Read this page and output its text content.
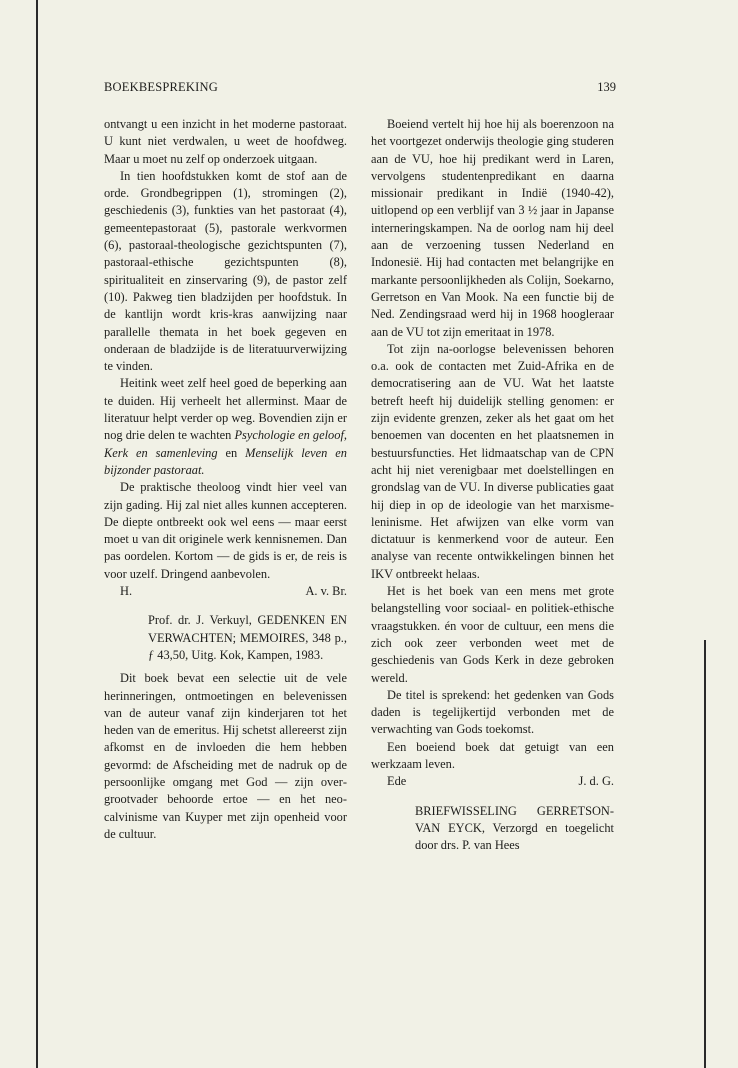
BOEKBESPREKING	139

ontvangt u een inzicht in het moderne pastoraat. U kunt niet verdwalen, u weet de hoofdweg. Maar u moet nu zelf op onderzoek uitgaan.

In tien hoofdstukken komt de stof aan de orde. Grondbegrippen (1), stromingen (2), geschiedenis (3), funkties van het pastoraat (4), gemeentepastoraat (5), pastorale werkvormen (6), pastoraal-theologische gezichtspunten (7), pastoraal-ethische gezichtspunten (8), spiritualiteit en zinservaring (9), de pastor zelf (10). Pakweg tien bladzijden per hoofdstuk. In de kantlijn wordt kris-kras aanwijzing naar parallelle themata in het boek gegeven en onderaan de bladzijde is de literatuurverwijzing te vinden.

Heitink weet zelf heel goed de beperking aan te duiden. Hij verheelt het allerminst. Maar de literatuur helpt verder op weg. Bovendien zijn er nog drie delen te wachten Psychologie en geloof, Kerk en samenleving en Menselijk leven en bijzonder pastoraat.

De praktische theoloog vindt hier veel van zijn gading. Hij zal niet alles kunnen accepteren. De diepte ontbreekt ook wel eens — maar eerst moet u van dit originele werk kennisnemen. Dan pas oordelen. Kortom — de gids is er, de reis is voor uzelf. Dringend aanbevolen.

H.	A. v. Br.

Prof. dr. J. Verkuyl, GEDENKEN EN VERWACHTEN; MEMOIRES, 348 p., ƒ 43,50, Uitg. Kok, Kampen, 1983.

Dit boek bevat een selectie uit de vele herinneringen, ontmoetingen en belevenissen van de auteur vanaf zijn kinderjaren tot het heden van de emeritus. Hij schetst allereerst zijn afkomst en de invloeden die hem hebben gevormd: de Afscheiding met de nadruk op de persoonlijke omgang met God — zijn overgrootvader behoorde ertoe — en het neo-calvinisme van Kuyper met zijn openheid voor de cultuur.

Boeiend vertelt hij hoe hij als boerenzoon na het voortgezet onderwijs theologie ging studeren aan de VU, hoe hij predikant werd in Laren, vervolgens studentenpredikant en daarna missionair predikant in Indië (1940-42), uitlopend op een verblijf van 3 ½ jaar in Japanse interneringskampen. Na de oorlog nam hij deel aan de verzoening tussen Nederland en Indonesië. Hij had contacten met belangrijke en markante persoonlijkheden als Colijn, Soekarno, Gerretson en Van Mook. Na een functie bij de Ned. Zendingsraad werd hij in 1968 hoogleraar aan de VU tot zijn emeritaat in 1978.

Tot zijn na-oorlogse belevenissen behoren o.a. ook de contacten met Zuid-Afrika en de democratisering aan de VU. Wat het laatste betreft heeft hij duidelijk stelling genomen: er zijn evidente grenzen, zeker als het gaat om het benoemen van docenten en het plaatsnemen in bestuursfuncties. Het lidmaatschap van de CPN acht hij niet verenigbaar met doelstellingen en grondslag van de VU. In diverse publicaties gaat hij diep in op de ideologie van het marxisme-leninisme. Het afwijzen van elke vorm van dictatuur is kenmerkend voor de auteur. Een analyse van recente ontwikkelingen binnen het IKV ontbreekt helaas.

Het is het boek van een mens met grote belangstelling voor sociaal- en politiek-ethische vraagstukken. én voor de cultuur, een mens die zich ook zeer verbonden weet met de geschiedenis van Gods Kerk in deze gebroken wereld.

De titel is sprekend: het gedenken van Gods daden is tegelijkertijd verbonden met de verwachting van Gods toekomst.

Een boeiend boek dat getuigt van een werkzaam leven.

Ede	J. d. G.

BRIEFWISSELING GERRETSON-VAN EYCK, Verzorgd en toegelicht door drs. P. van Hees
